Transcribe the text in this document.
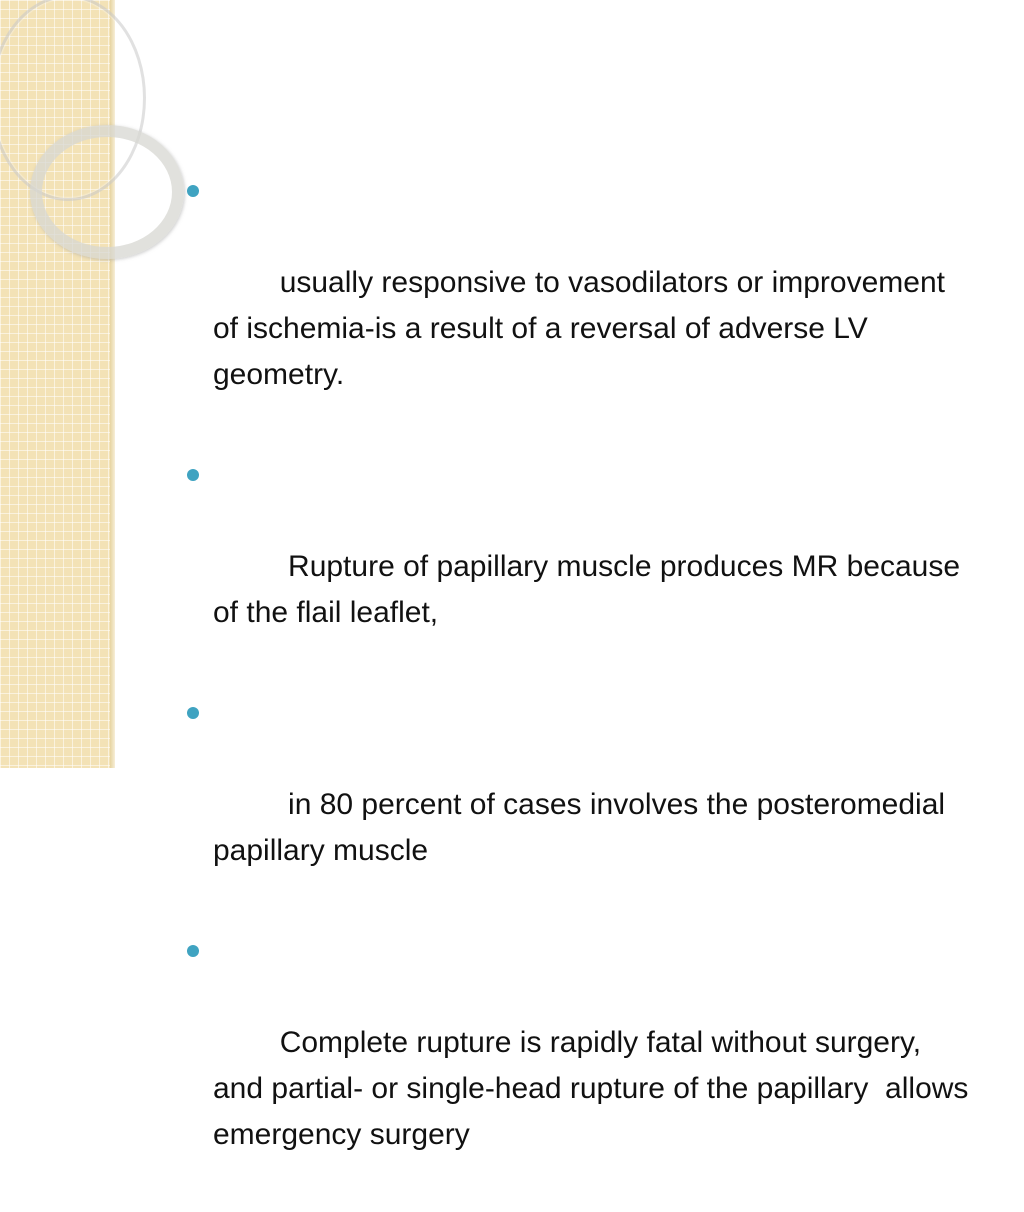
usually responsive to vasodilators or improvement of ischemia-is a result of a reversal of adverse LV geometry.

Rupture of papillary muscle produces MR because of the flail leaflet,

in 80 percent of cases involves the posteromedial papillary muscle

Complete rupture is rapidly fatal without surgery, and partial- or single-head rupture of the papillary  allows emergency surgery
